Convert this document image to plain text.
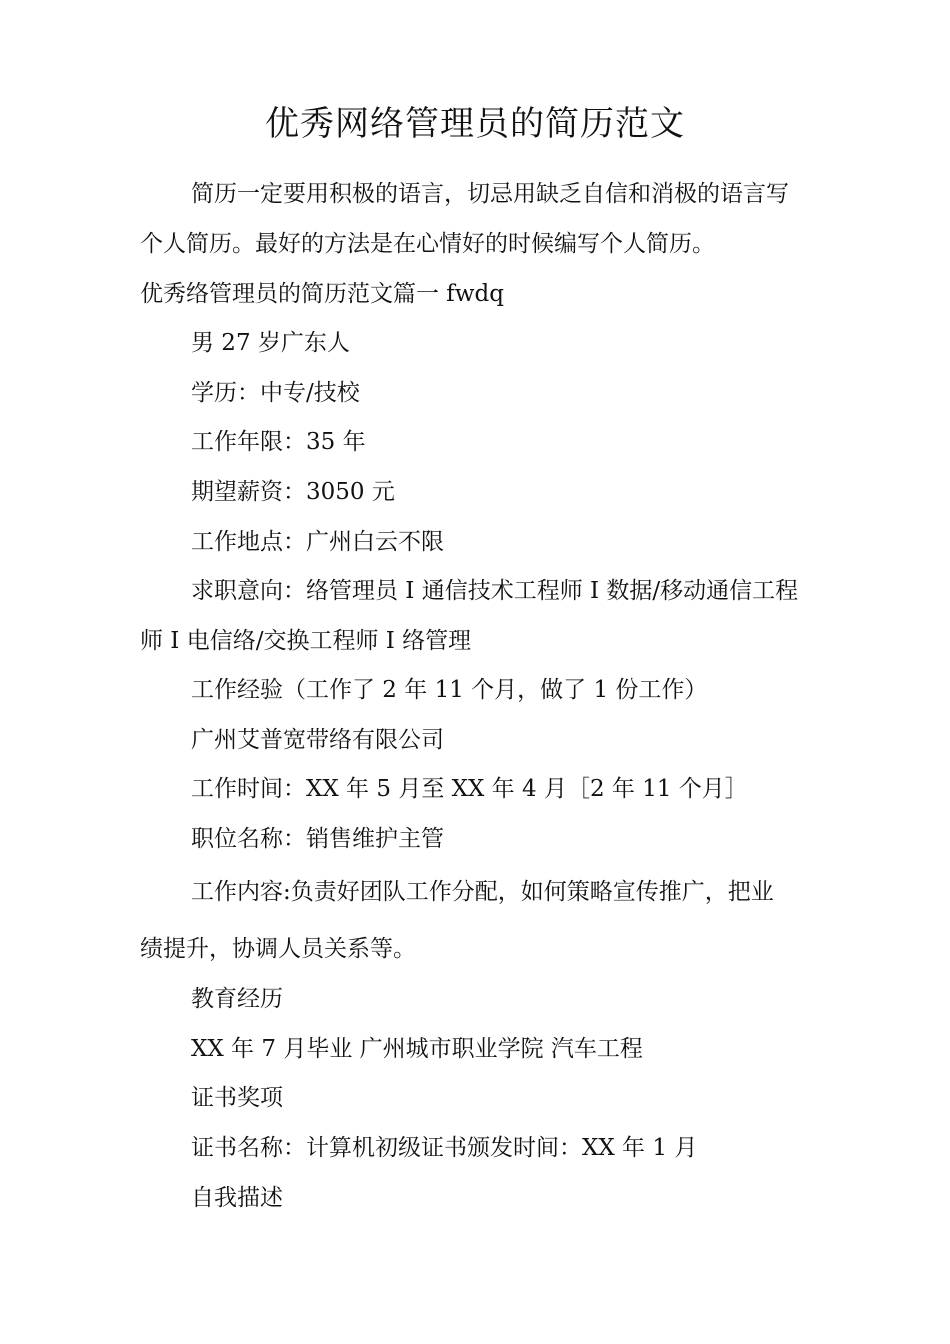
优秀网络管理员的简历范文
简历一定要用积极的语言，切忌用缺乏自信和消极的语言写
个人简历。最好的方法是在心情好的时候编写个人简历。
优秀络管理员的简历范文篇一 fwdq
男 27 岁广东人
学历：中专/技校
工作年限：35 年
期望薪资：3050 元
工作地点：广州白云不限
求职意向：络管理员 I 通信技术工程师 I 数据/移动通信工程
师 I 电信络/交换工程师 I 络管理
工作经验（工作了 2 年 11 个月，做了 1 份工作）
广州艾普宽带络有限公司
工作时间：XX 年 5 月至 XX 年 4 月［2 年 11 个月］
职位名称：销售维护主管
工作内容:负责好团队工作分配，如何策略宣传推广，把业
绩提升，协调人员关系等。
教育经历
XX 年 7 月毕业 广州城市职业学院 汽车工程
证书奖项
证书名称：计算机初级证书颁发时间：XX 年 1 月
自我描述
